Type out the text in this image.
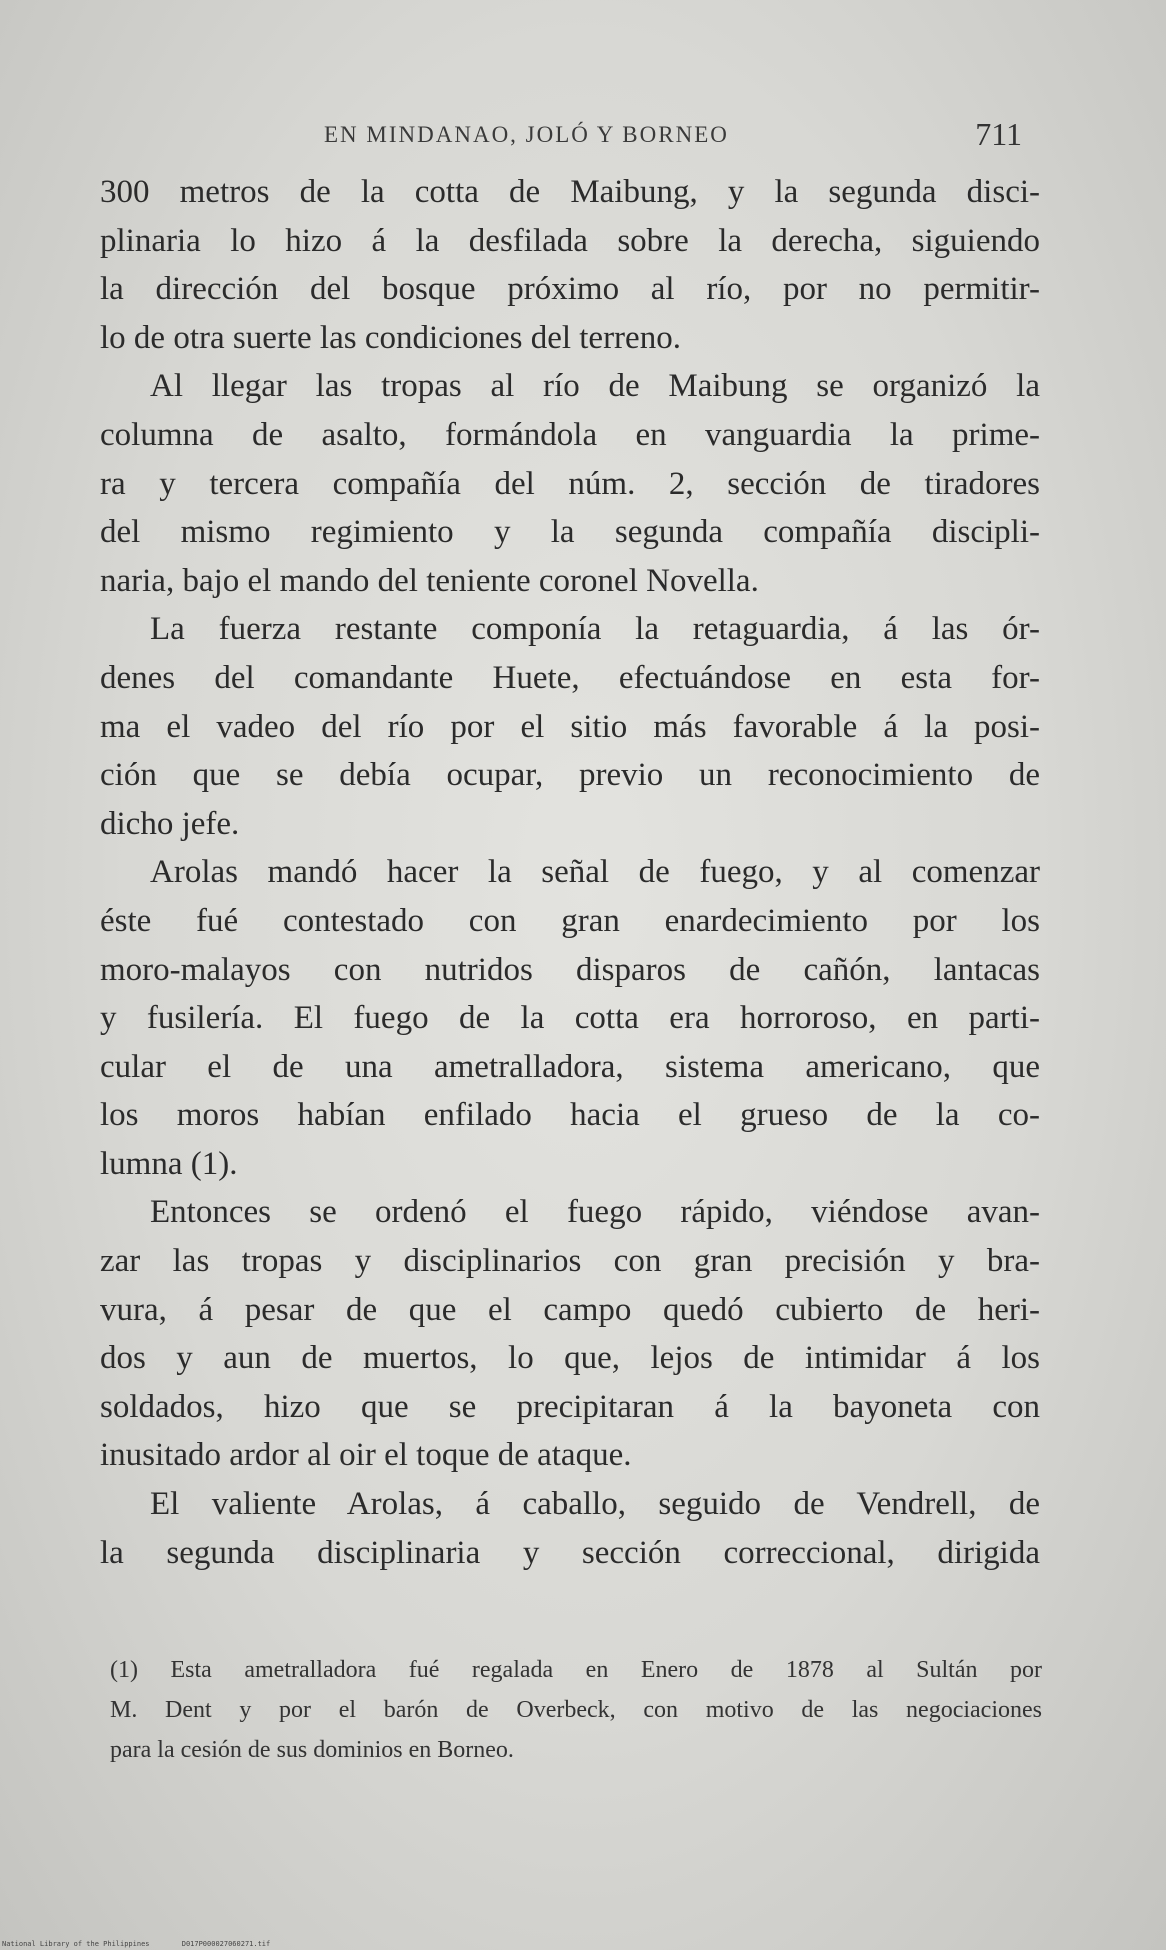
EN MINDANAO, JOLÓ Y BORNEO	711
300 metros de la cotta de Maibung, y la segunda disci-
plinaria lo hizo á la desfilada sobre la derecha, siguiendo
la dirección del bosque próximo al río, por no permitir-
lo de otra suerte las condiciones del terreno.
Al llegar las tropas al río de Maibung se organizó la
columna de asalto, formándola en vanguardia la prime-
ra y tercera compañía del núm. 2, sección de tiradores
del mismo regimiento y la segunda compañía discipli-
naria, bajo el mando del teniente coronel Novella.
La fuerza restante componía la retaguardia, á las ór-
denes del comandante Huete, efectuándose en esta for-
ma el vadeo del río por el sitio más favorable á la posi-
ción que se debía ocupar, previo un reconocimiento de
dicho jefe.
Arolas mandó hacer la señal de fuego, y al comenzar
éste fué contestado con gran enardecimiento por los
moro-malayos con nutridos disparos de cañón, lantacas
y fusilería. El fuego de la cotta era horroroso, en parti-
cular el de una ametralladora, sistema americano, que
los moros habían enfilado hacia el grueso de la co-
lumna (1).
Entonces se ordenó el fuego rápido, viéndose avan-
zar las tropas y disciplinarios con gran precisión y bra-
vura, á pesar de que el campo quedó cubierto de heri-
dos y aun de muertos, lo que, lejos de intimidar á los
soldados, hizo que se precipitaran á la bayoneta con
inusitado ardor al oir el toque de ataque.
El valiente Arolas, á caballo, seguido de Vendrell, de
la segunda disciplinaria y sección correccional, dirigida
(1) Esta ametralladora fué regalada en Enero de 1878 al Sultán por
M. Dent y por el barón de Overbeck, con motivo de las negociaciones
para la cesión de sus dominios en Borneo.
National Library of the Philippines	D017P000027060271.tif
